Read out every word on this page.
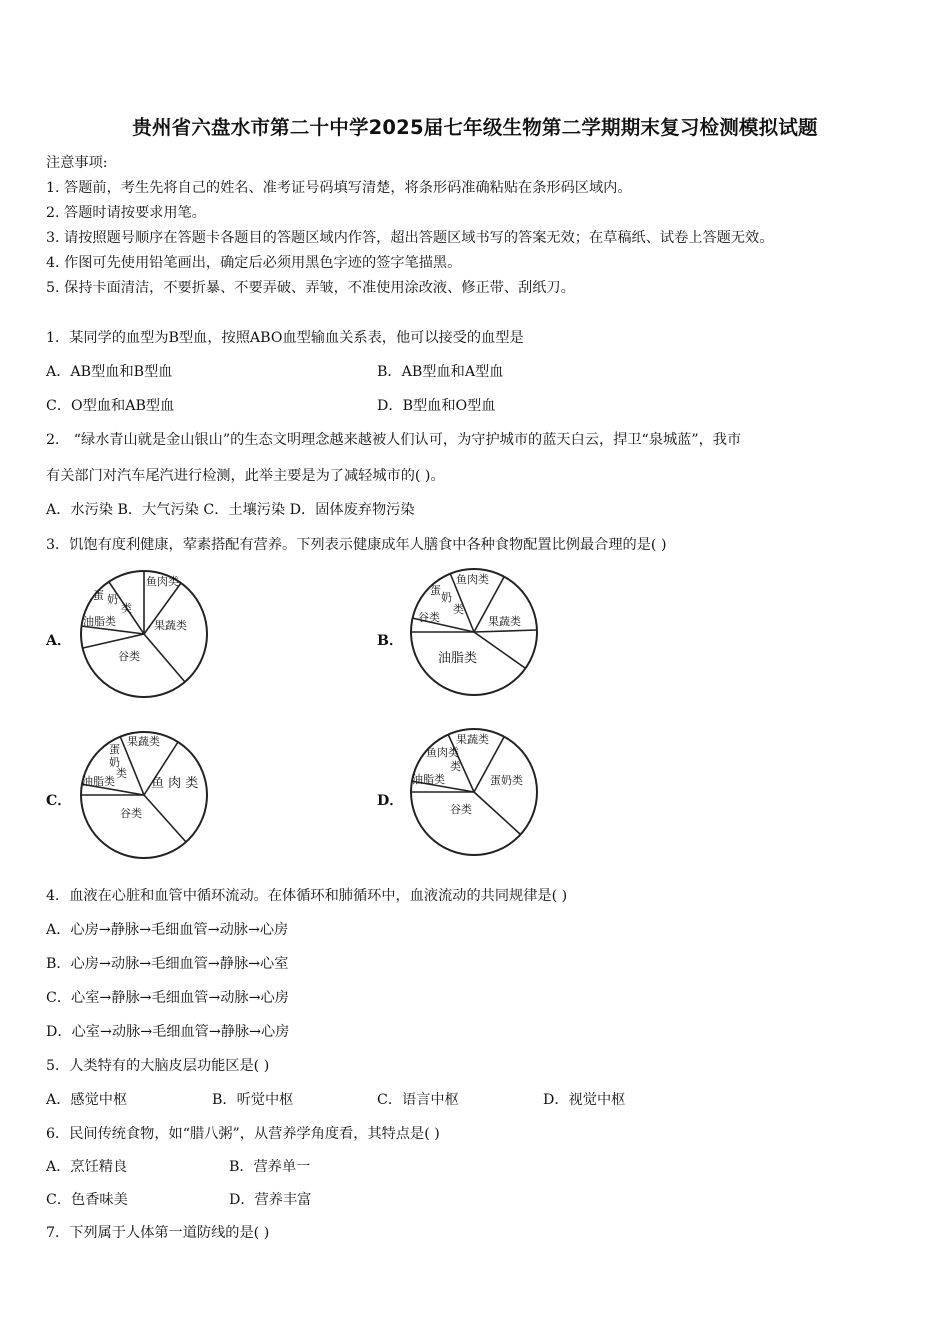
贵州省六盘水市第二十中学2025届七年级生物第二学期期末复习检测模拟试题
注意事项:
1. 答题前，考生先将自己的姓名、准考证号码填写清楚，将条形码准确粘贴在条形码区域内。
2. 答题时请按要求用笔。
3. 请按照题号顺序在答题卡各题目的答题区域内作答，超出答题区域书写的答案无效；在草稿纸、试卷上答题无效。
4. 作图可先使用铅笔画出，确定后必须用黑色字迹的签字笔描黑。
5. 保持卡面清洁，不要折暴、不要弄破、弄皱，不准使用涂改液、修正带、刮纸刀。
1．某同学的血型为B型血，按照ABO血型输血关系表，他可以接受的血型是
A．AB型血和B型血	B．AB型血和A型血
C．O型血和AB型血	D．B型血和O型血
2． “绿水青山就是金山银山”的生态文明理念越来越被人们认可，为守护城市的蓝天白云，捍卫“泉城蓝”，我市
有关部门对汽车尾汽进行检测，此举主要是为了减轻城市的( )。
A．水污染 B．大气污染 C．土壤污染 D．固体废弃物污染
3．饥饱有度利健康，荤素搭配有营养。下列表示健康成年人膳食中各种食物配置比例最合理的是( )
A．
鱼肉类
蛋 奶
类
油脂类	果蔬类
谷类
B．
鱼肉类
蛋
奶
类
谷类	果蔬类
油脂类
C．
果蔬类
蛋
奶
类
油脂类	鱼 肉 类
谷类
D．
果蔬类
鱼肉类
类
油脂类	蛋奶类
谷类
4．血液在心脏和血管中循环流动。在体循环和肺循环中，血液流动的共同规律是( )
A．心房→静脉→毛细血管→动脉→心房
B．心房→动脉→毛细血管→静脉→心室
C．心室→静脉→毛细血管→动脉→心房
D．心室→动脉→毛细血管→静脉→心房
5．人类特有的大脑皮层功能区是( )
A．感觉中枢	B．听觉中枢	C．语言中枢	D．视觉中枢
6．民间传统食物，如“腊八粥”，从营养学角度看，其特点是( )
A．烹饪精良	B．营养单一
C．色香味美	D．营养丰富
7．下列属于人体第一道防线的是( )
